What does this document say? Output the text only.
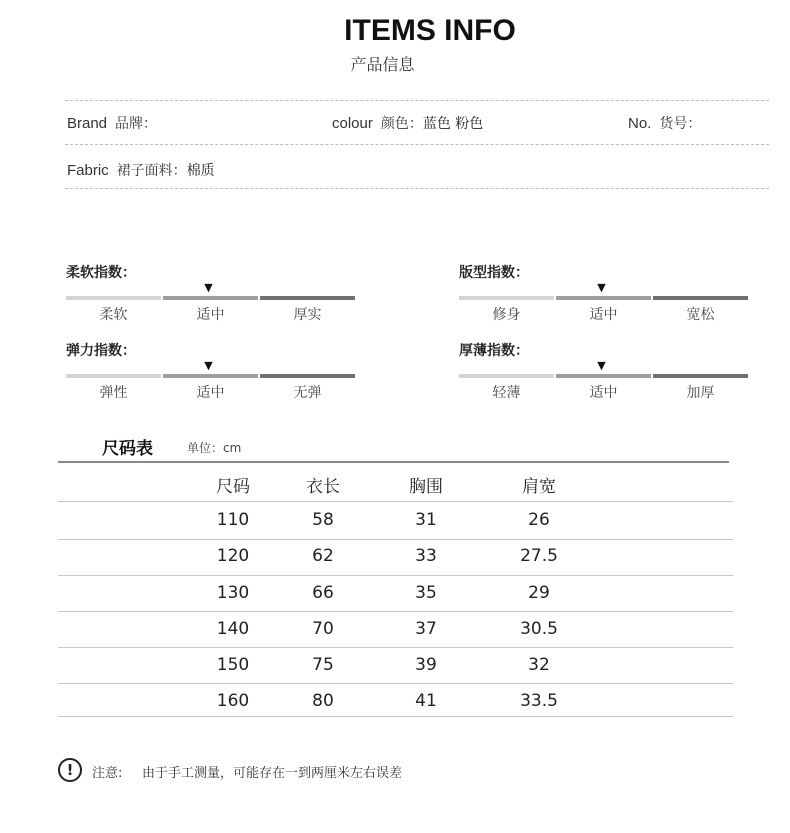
ITEMS INFO
产品信息
Brand 品牌：	colour 颜色：蓝色 粉色	No. 货号：
Fabric 裙子面料：棉质
柔软指数：
▼
柔软	适中	厚实
版型指数：
▼
修身	适中	宽松
弹力指数：
▼
弹性	适中	无弹
厚薄指数：
▼
轻薄	适中	加厚
尺码表	单位：cm
尺码	衣长	胸围	肩宽
110	58	31	26
120	62	33	27.5
130	66	35	29
140	70	37	30.5
150	75	39	32
160	80	41	33.5
!	注意: 由于手工测量，可能存在一到两厘米左右误差
